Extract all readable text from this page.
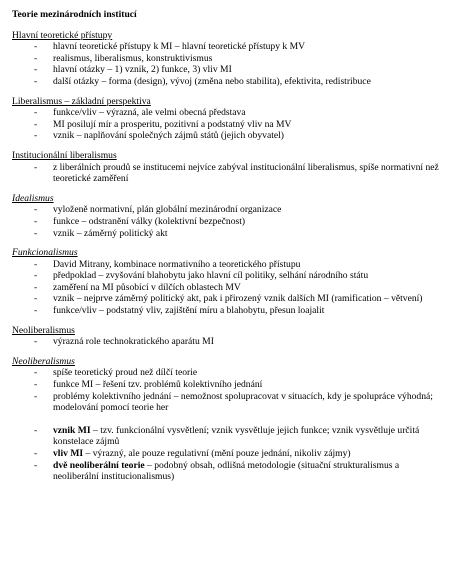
Teorie mezinárodních institucí
Hlavní teoretické přístupy
- hlavní teoretické přístupy k MI – hlavní teoretické přístupy k MV
- realismus, liberalismus, konstruktivismus
- hlavní otázky – 1) vznik, 2) funkce, 3) vliv MI
- další otázky – forma (design), vývoj (změna nebo stabilita), efektivita, redistribuce
Liberalismus – základní perspektiva
- funkce/vliv – výrazná, ale velmi obecná představa
- MI posilují mír a prosperitu, pozitivní a podstatný vliv na MV
- vznik – naplňování společných zájmů států (jejich obyvatel)
Institucionální liberalismus
- z liberálních proudů se institucemi nejvíce zabýval institucionální liberalismus, spíše normativní než teoretické zaměření
Idealismus
- vyloženě normativní, plán globální mezinárodní organizace
- funkce – odstranění války (kolektivní bezpečnost)
- vznik – záměrný politický akt
Funkcionalismus
- David Mitrany, kombinace normativního a teoretického přístupu
- předpoklad – zvyšování blahobytu jako hlavní cíl politiky, selhání národního státu
- zaměření na MI působící v dílčích oblastech MV
- vznik – nejprve záměrný politický akt, pak i přirozený vznik dalších MI (ramification – větvení)
- funkce/vliv – podstatný vliv, zajištění míru a blahobytu, přesun loajalit
Neoliberalismus
- výrazná role technokratického aparátu MI
Neoliberalismus
- spíše teoretický proud než dílčí teorie
- funkce MI – řešení tzv. problémů kolektivního jednání
- problémy kolektivního jednání – nemožnost spolupracovat v situacích, kdy je spolupráce výhodná; modelování pomocí teorie her
- vznik MI – tzv. funkcionální vysvětlení; vznik vysvětluje jejich funkce; vznik vysvětluje určitá konstelace zájmů
- vliv MI – výrazný, ale pouze regulativní (mění pouze jednání, nikoliv zájmy)
- dvě neoliberální teorie – podobný obsah, odlišná metodologie (situační strukturalismus a neoliberální institucionalismus)
